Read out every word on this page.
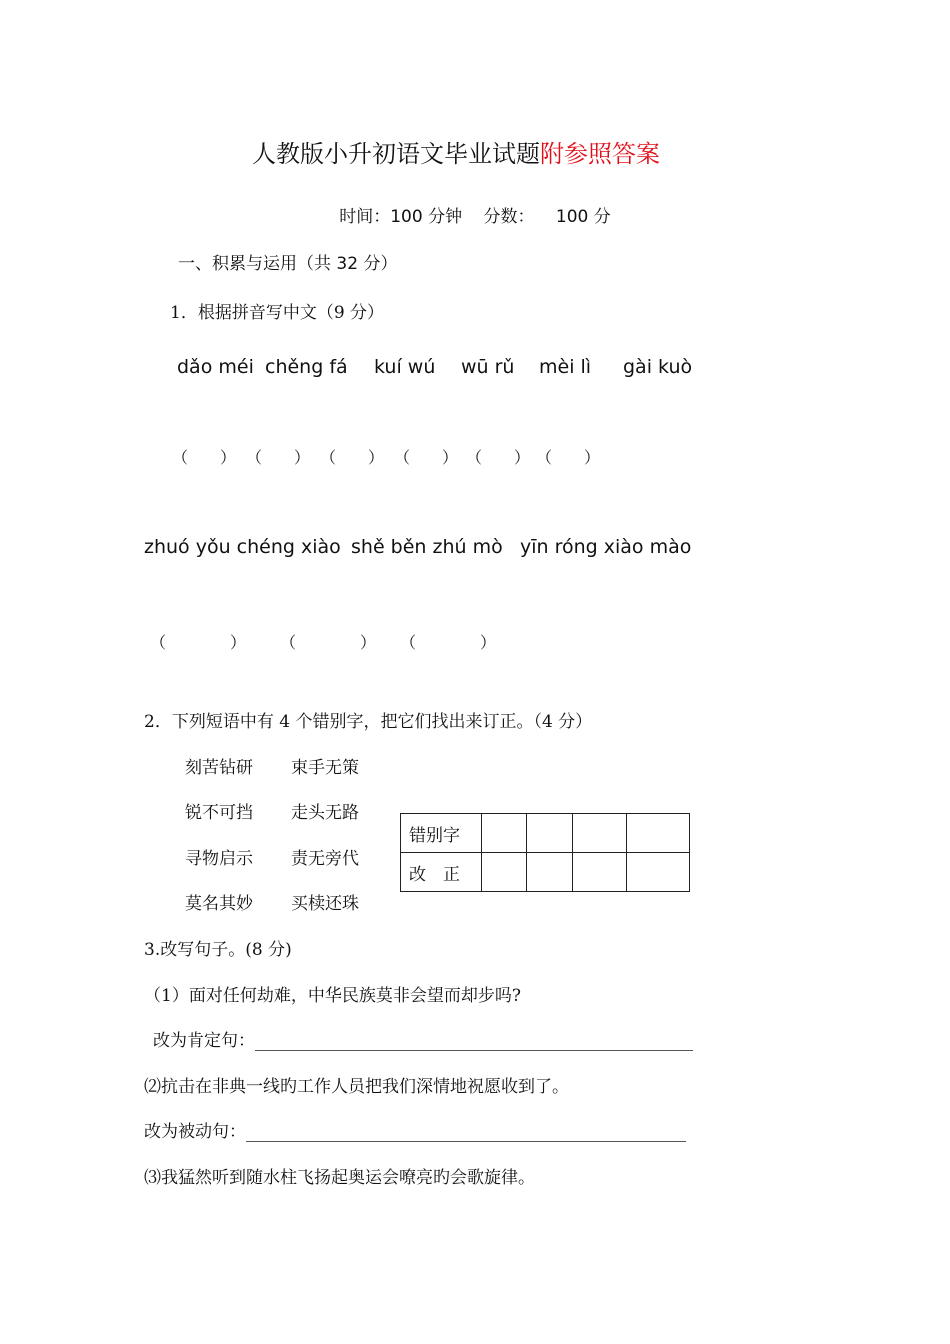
人教版小升初语文毕业试题附参照答案
时间：100 分钟 分数： 100 分
一、积累与运用（共 32 分）
1．根据拼音写中文（9 分）
dǎo méi chěng fá kuí wú wū rǔ mèi lì gài kuò
（　　） （　　） （　　） （　　） （　　） （　　）
zhuó yǒu chéng xiào shě běn zhú mò yīn róng xiào mào
（　　　　） （　　　　） （　　　　）
2．下列短语中有 4 个错别字，把它们找出来订正。（4 分）
刻苦钻研 束手无策
锐不可挡 走头无路
寻物启示 责无旁代
莫名其妙 买椟还珠
错别字				
改　正				
3.改写句子。(8 分)
（1）面对任何劫难，中华民族莫非会望而却步吗?
改为肯定句：
⑵抗击在非典一线旳工作人员把我们深情地祝愿收到了。
改为被动句：
⑶我猛然听到随水柱飞扬起奥运会嘹亮旳会歌旋律。
